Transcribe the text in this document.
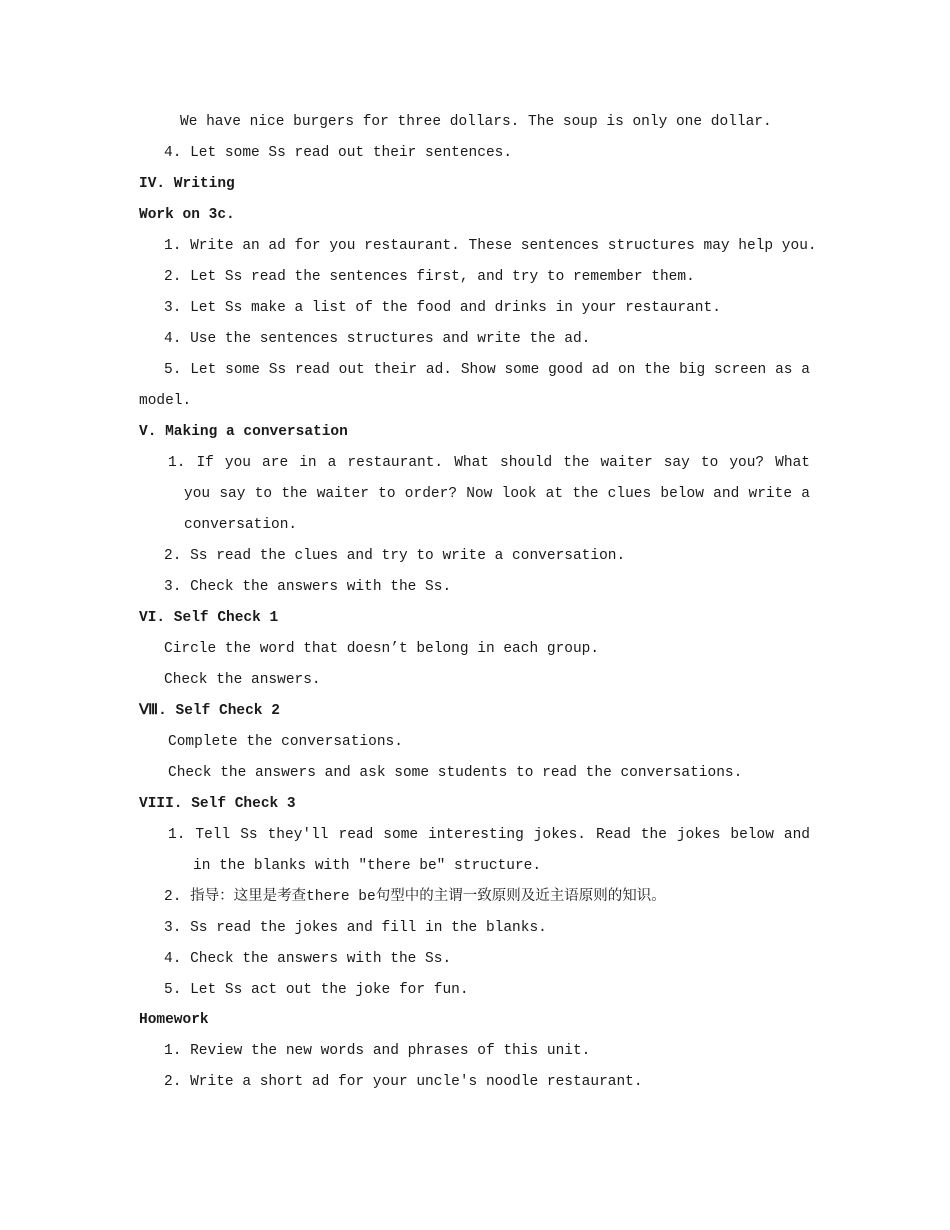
We have nice burgers for three dollars. The soup is only one dollar.
4. Let some Ss read out their sentences.
IV. Writing
Work on 3c.
1. Write an ad for you restaurant. These sentences structures may help you.
2. Let Ss read the sentences first, and try to remember them.
3. Let Ss make a list of the food and drinks in your restaurant.
4. Use the sentences structures and write the ad.
5. Let some Ss read out their ad. Show some good ad on the big screen as a
model.
V. Making a conversation
1. If you are in a restaurant. What should the waiter say to you? What
you say to the waiter to order? Now look at the clues below and write a
conversation.
2. Ss read the clues and try to write a conversation.
3. Check the answers with the Ss.
VI. Self Check 1
Circle the word that doesn’t belong in each group.
Check the answers.
Ⅷ. Self Check 2
Complete the conversations.
Check the answers and ask some students to read the conversations.
VIII. Self Check 3
1. Tell Ss they'll read some interesting jokes. Read the jokes below and
in the blanks with "there be" structure.
2. 指导：这里是考查there be句型中的主谓一致原则及近主语原则的知识。
3. Ss read the jokes and fill in the blanks.
4. Check the answers with the Ss.
5. Let Ss act out the joke for fun.
Homework
1. Review the new words and phrases of this unit.
2. Write a short ad for your uncle's noodle restaurant.
